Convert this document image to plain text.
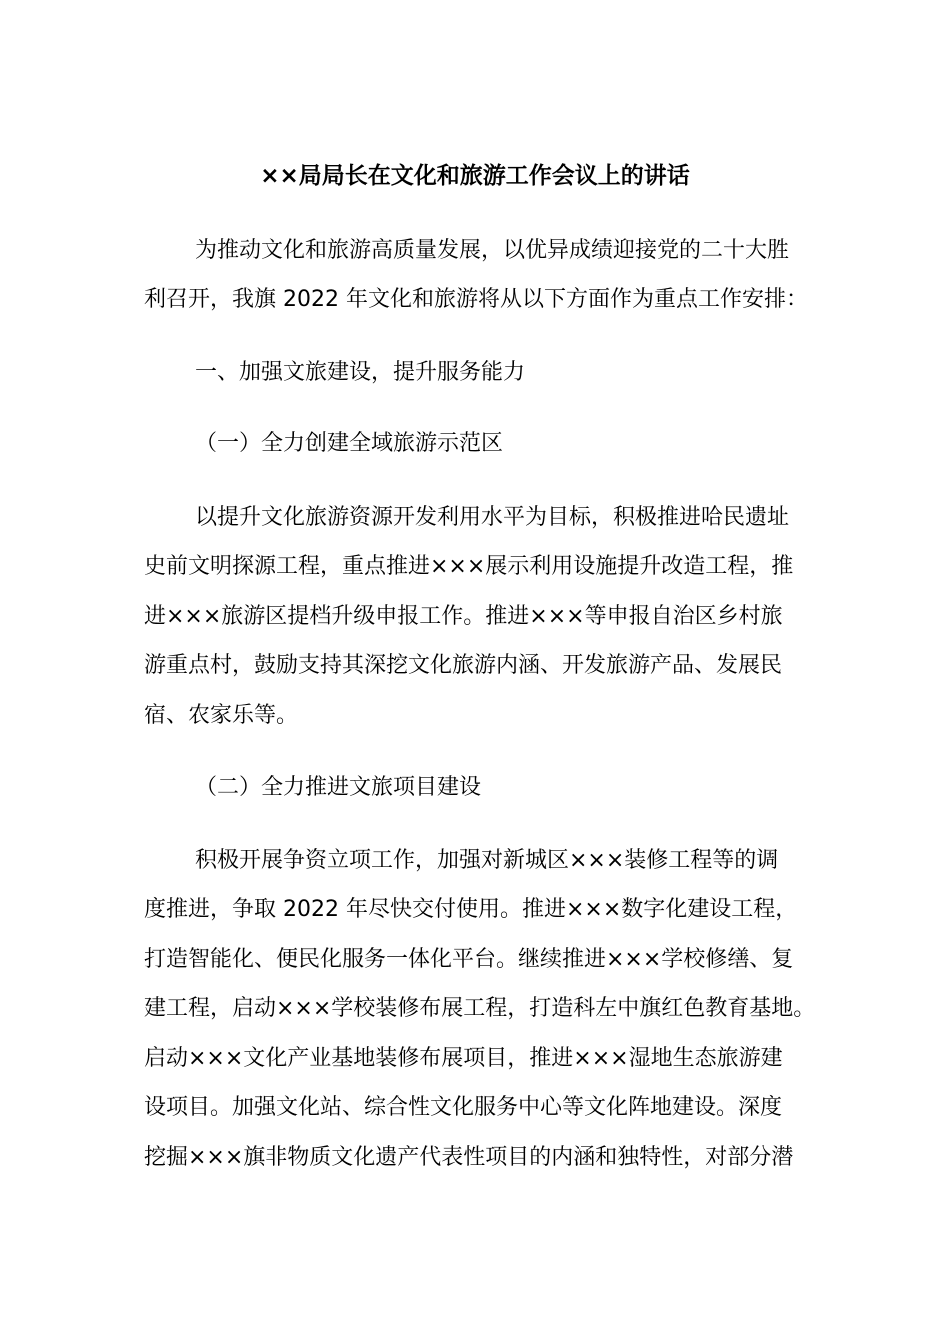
××局局长在文化和旅游工作会议上的讲话
为推动文化和旅游高质量发展，以优异成绩迎接党的二十大胜
利召开，我旗 2022 年文化和旅游将从以下方面作为重点工作安排：
一、加强文旅建设，提升服务能力
（一）全力创建全域旅游示范区
以提升文化旅游资源开发利用水平为目标，积极推进哈民遗址
史前文明探源工程，重点推进×××展示利用设施提升改造工程，推
进×××旅游区提档升级申报工作。推进×××等申报自治区乡村旅
游重点村，鼓励支持其深挖文化旅游内涵、开发旅游产品、发展民
宿、农家乐等。
（二）全力推进文旅项目建设
积极开展争资立项工作，加强对新城区×××装修工程等的调
度推进，争取 2022 年尽快交付使用。推进×××数字化建设工程，
打造智能化、便民化服务一体化平台。继续推进×××学校修缮、复
建工程，启动×××学校装修布展工程，打造科左中旗红色教育基地。
启动×××文化产业基地装修布展项目，推进×××湿地生态旅游建
设项目。加强文化站、综合性文化服务中心等文化阵地建设。深度
挖掘×××旗非物质文化遗产代表性项目的内涵和独特性，对部分潜
